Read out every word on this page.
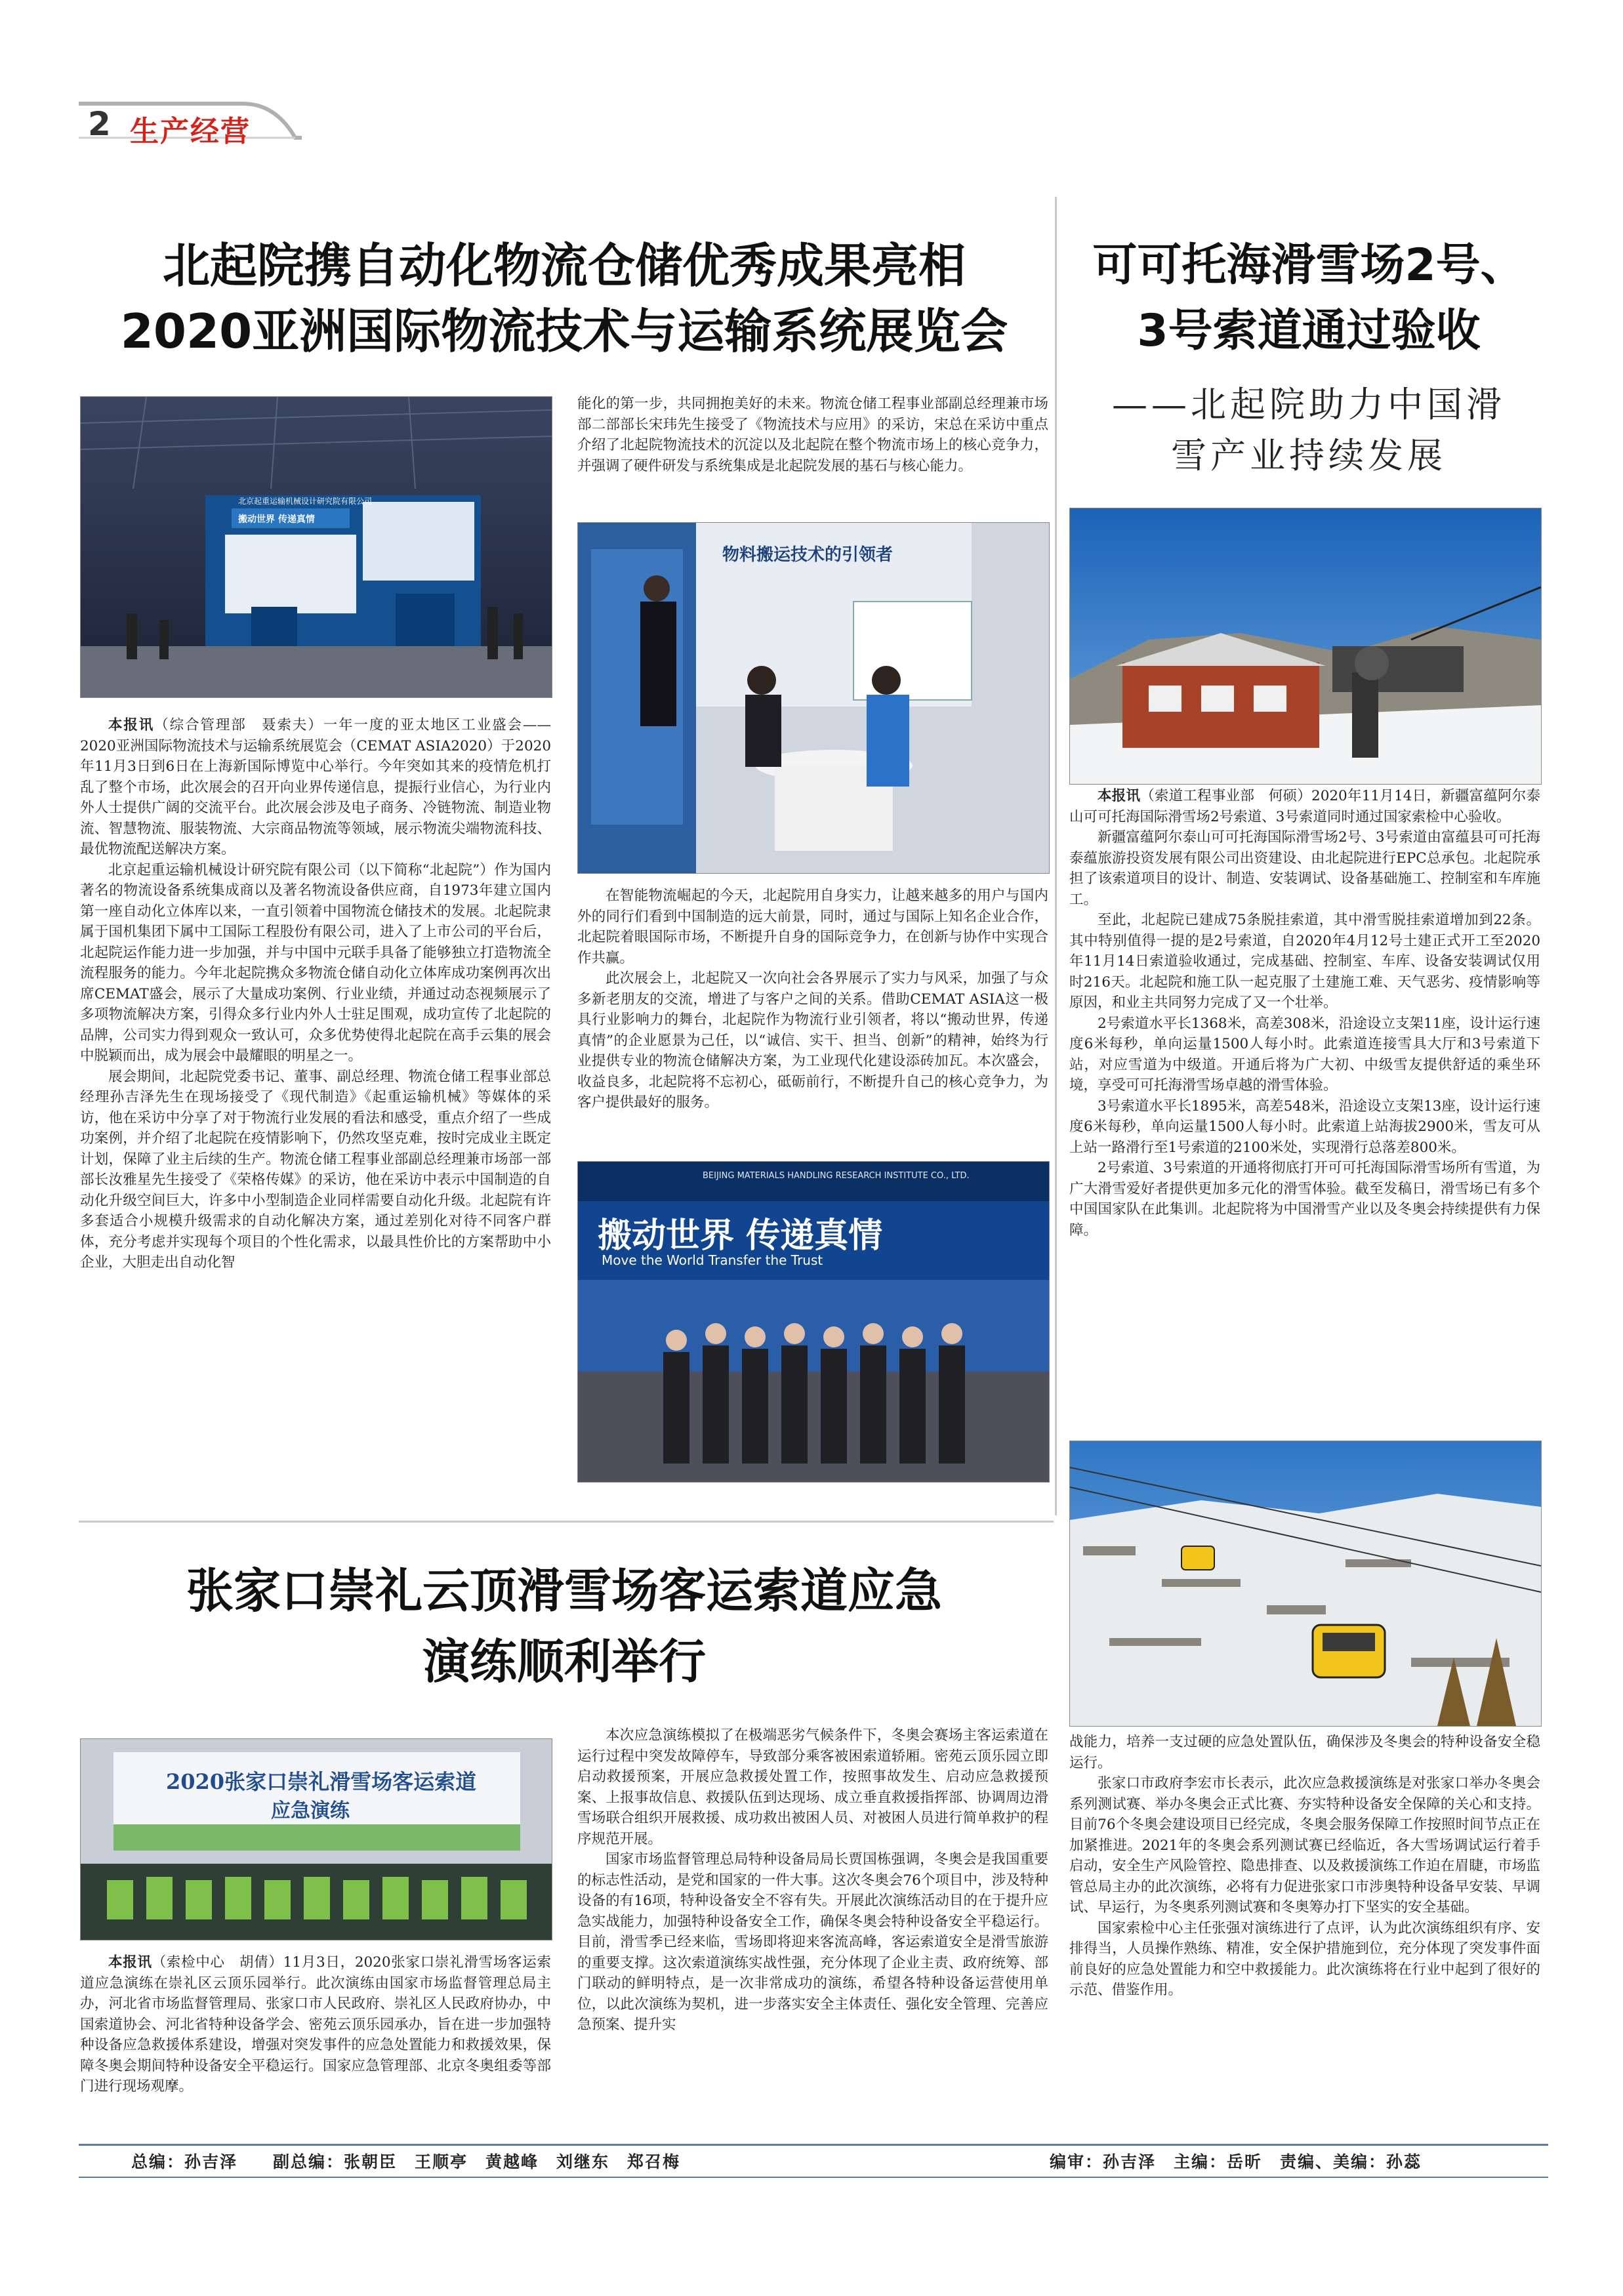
2 生产经营
北起院携自动化物流仓储优秀成果亮相
2020亚洲国际物流技术与运输系统展览会
北京起重运输机械设计研究院有限公司
搬动世界 传递真情
物料搬运技术的引领者
BEIJING MATERIALS HANDLING RESEARCH INSTITUTE CO., LTD.
搬动世界 传递真情
Move the World Transfer the Trust

本报讯（综合管理部　聂索夫）一年一度的亚太地区工业盛会——2020亚洲国际物流技术与运输系统展览会（CEMAT ASIA2020）于2020年11月3日到6日在上海新国际博览中心举行。今年突如其来的疫情危机打乱了整个市场，此次展会的召开向业界传递信息，提振行业信心，为行业内外人士提供广阔的交流平台。此次展会涉及电子商务、冷链物流、制造业物流、智慧物流、服装物流、大宗商品物流等领域，展示物流尖端物流科技、最优物流配送解决方案。

北京起重运输机械设计研究院有限公司（以下简称“北起院”）作为国内著名的物流设备系统集成商以及著名物流设备供应商，自1973年建立国内第一座自动化立体库以来，一直引领着中国物流仓储技术的发展。北起院隶属于国机集团下属中工国际工程股份有限公司，进入了上市公司的平台后，北起院运作能力进一步加强，并与中国中元联手具备了能够独立打造物流全流程服务的能力。今年北起院携众多物流仓储自动化立体库成功案例再次出席CEMAT盛会，展示了大量成功案例、行业业绩，并通过动态视频展示了多项物流解决方案，引得众多行业内外人士驻足围观，成功宣传了北起院的品牌，公司实力得到观众一致认可，众多优势使得北起院在高手云集的展会中脱颖而出，成为展会中最耀眼的明星之一。

展会期间，北起院党委书记、董事、副总经理、物流仓储工程事业部总经理孙吉泽先生在现场接受了《现代制造》《起重运输机械》等媒体的采访，他在采访中分享了对于物流行业发展的看法和感受，重点介绍了一些成功案例，并介绍了北起院在疫情影响下，仍然攻坚克难，按时完成业主既定计划，保障了业主后续的生产。物流仓储工程事业部副总经理兼市场部一部部长汝雅星先生接受了《荣格传媒》的采访，他在采访中表示中国制造的自动化升级空间巨大，许多中小型制造企业同样需要自动化升级。北起院有许多套适合小规模升级需求的自动化解决方案，通过差别化对待不同客户群体，充分考虑并实现每个项目的个性化需求，以最具性价比的方案帮助中小企业，大胆走出自动化智

能化的第一步，共同拥抱美好的未来。物流仓储工程事业部副总经理兼市场部二部部长宋玮先生接受了《物流技术与应用》的采访，宋总在采访中重点介绍了北起院物流技术的沉淀以及北起院在整个物流市场上的核心竞争力，并强调了硬件研发与系统集成是北起院发展的基石与核心能力。

在智能物流崛起的今天，北起院用自身实力，让越来越多的用户与国内外的同行们看到中国制造的远大前景，同时，通过与国际上知名企业合作，北起院着眼国际市场，不断提升自身的国际竞争力，在创新与协作中实现合作共赢。

此次展会上，北起院又一次向社会各界展示了实力与风采，加强了与众多新老朋友的交流，增进了与客户之间的关系。借助CEMAT ASIA这一极具行业影响力的舞台，北起院作为物流行业引领者，将以“搬动世界，传递真情”的企业愿景为己任，以“诚信、实干、担当、创新”的精神，始终为行业提供专业的物流仓储解决方案，为工业现代化建设添砖加瓦。本次盛会，收益良多，北起院将不忘初心，砥砺前行，不断提升自己的核心竞争力，为客户提供最好的服务。

可可托海滑雪场2号、
3号索道通过验收
——北起院助力中国滑
雪产业持续发展

本报讯（索道工程事业部　何硕）2020年11月14日，新疆富蕴阿尔泰山可可托海国际滑雪场2号索道、3号索道同时通过国家索检中心验收。

新疆富蕴阿尔泰山可可托海国际滑雪场2号、3号索道由富蕴县可可托海泰蕴旅游投资发展有限公司出资建设、由北起院进行EPC总承包。北起院承担了该索道项目的设计、制造、安装调试、设备基础施工、控制室和车库施工。

至此，北起院已建成75条脱挂索道，其中滑雪脱挂索道增加到22条。其中特别值得一提的是2号索道，自2020年4月12号土建正式开工至2020年11月14日索道验收通过，完成基础、控制室、车库、设备安装调试仅用时216天。北起院和施工队一起克服了土建施工难、天气恶劣、疫情影响等原因，和业主共同努力完成了又一个壮举。

2号索道水平长1368米，高差308米，沿途设立支架11座，设计运行速度6米每秒，单向运量1500人每小时。此索道连接雪具大厅和3号索道下站，对应雪道为中级道。开通后将为广大初、中级雪友提供舒适的乘坐环境，享受可可托海滑雪场卓越的滑雪体验。

3号索道水平长1895米，高差548米，沿途设立支架13座，设计运行速度6米每秒，单向运量1500人每小时。此索道上站海拔2900米，雪友可从上站一路滑行至1号索道的2100米处，实现滑行总落差800米。

2号索道、3号索道的开通将彻底打开可可托海国际滑雪场所有雪道，为广大滑雪爱好者提供更加多元化的滑雪体验。截至发稿日，滑雪场已有多个中国国家队在此集训。北起院将为中国滑雪产业以及冬奥会持续提供有力保障。

张家口崇礼云顶滑雪场客运索道应急
演练顺利举行
2020张家口崇礼滑雪场客运索道
应急演练

本报讯（索检中心　胡倩）11月3日，2020张家口崇礼滑雪场客运索道应急演练在崇礼区云顶乐园举行。此次演练由国家市场监督管理总局主办，河北省市场监督管理局、张家口市人民政府、崇礼区人民政府协办，中国索道协会、河北省特种设备学会、密苑云顶乐园承办，旨在进一步加强特种设备应急救援体系建设，增强对突发事件的应急处置能力和救援效果，保障冬奥会期间特种设备安全平稳运行。国家应急管理部、北京冬奥组委等部门进行现场观摩。

本次应急演练模拟了在极端恶劣气候条件下，冬奥会赛场主客运索道在运行过程中突发故障停车，导致部分乘客被困索道轿厢。密苑云顶乐园立即启动救援预案，开展应急救援处置工作，按照事故发生、启动应急救援预案、上报事故信息、救援队伍到达现场、成立垂直救援指挥部、协调周边滑雪场联合组织开展救援、成功救出被困人员、对被困人员进行简单救护的程序规范开展。

国家市场监督管理总局特种设备局局长贾国栋强调，冬奥会是我国重要的标志性活动，是党和国家的一件大事。这次冬奥会76个项目中，涉及特种设备的有16项，特种设备安全不容有失。开展此次演练活动目的在于提升应急实战能力，加强特种设备安全工作，确保冬奥会特种设备安全平稳运行。目前，滑雪季已经来临，雪场即将迎来客流高峰，客运索道安全是滑雪旅游的重要支撑。这次索道演练实战性强，充分体现了企业主责、政府统筹、部门联动的鲜明特点，是一次非常成功的演练，希望各特种设备运营使用单位，以此次演练为契机，进一步落实安全主体责任、强化安全管理、完善应急预案、提升实

战能力，培养一支过硬的应急处置队伍，确保涉及冬奥会的特种设备安全稳运行。

张家口市政府李宏市长表示，此次应急救援演练是对张家口举办冬奥会系列测试赛、举办冬奥会正式比赛、夯实特种设备安全保障的关心和支持。目前76个冬奥会建设项目已经完成，冬奥会服务保障工作按照时间节点正在加紧推进。2021年的冬奥会系列测试赛已经临近，各大雪场调试运行着手启动，安全生产风险管控、隐患排查、以及救援演练工作迫在眉睫，市场监管总局主办的此次演练，必将有力促进张家口市涉奥特种设备早安装、早调试、早运行，为冬奥系列测试赛和冬奥筹办打下坚实的安全基础。

国家索检中心主任张强对演练进行了点评，认为此次演练组织有序、安排得当，人员操作熟练、精准，安全保护措施到位，充分体现了突发事件面前良好的应急处置能力和空中救援能力。此次演练将在行业中起到了很好的示范、借鉴作用。

总编：孙吉泽　　副总编：张朝臣　王顺亭　黄越峰　刘继东　郑召梅	编审：孙吉泽　主编：岳昕　责编、美编：孙蕊
